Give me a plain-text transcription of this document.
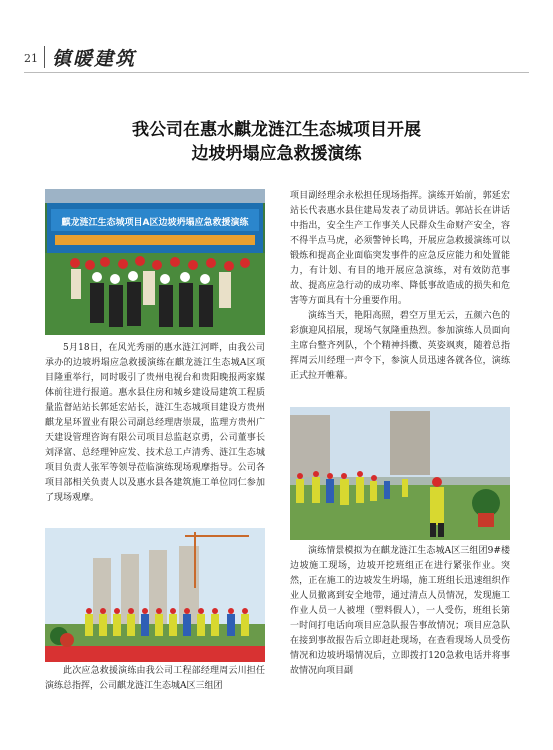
21 镇暖建筑
我公司在惠水麒龙涟江生态城项目开展
边坡坍塌应急救援演练
麒龙涟江生态城项目A区边坡坍塌应急救援演练

5月18日，在风光秀丽的惠水涟江河畔，由我公司承办的边坡坍塌应急救援演练在麒龙涟江生态城A区项目隆重举行，同时吸引了贵州电视台和贵阳晚报两家媒体前往进行报道。惠水县住房和城乡建设局建筑工程质量监督站站长郭延宏站长，涟江生态城项目建设方贵州麒龙星环置业有限公司副总经理唐崇晟，监理方贵州广天建设管理咨询有限公司项目总监赵京勇，公司董事长刘泽富、总经理钟应发、技术总工卢清秀、涟江生态城项目负责人张军等领导莅临演练现场观摩指导。公司各项目部相关负责人以及惠水县各建筑施工单位同仁参加了现场观摩。

此次应急救援演练由我公司工程部经理周云川担任演练总指挥，公司麒龙涟江生态城A区三组团

项目副经理余永松担任现场指挥。演练开始前，郭延宏站长代表惠水县住建局发表了动员讲话。郭站长在讲话中指出，安全生产工作事关人民群众生命财产安全，容不得半点马虎，必须警钟长鸣，开展应急救援演练可以锻炼和提高企业面临突发事件的应急反应能力和处置能力，有计划、有目的地开展应急演练，对有效防范事故、提高应急行动的成功率、降低事故造成的损失和危害等方面具有十分重要作用。

演练当天，艳阳高照，碧空万里无云，五颜六色的彩旗迎风招展，现场气氛隆重热烈。参加演练人员面向主席台整齐列队，个个精神抖擞、英姿飒爽，随着总指挥周云川经理一声令下，参演人员迅速各就各位，演练正式拉开帷幕。

演练情景模拟为在麒龙涟江生态城A区三组团9#楼边坡施工现场，边坡开挖班组正在进行紧张作业。突然，正在施工的边坡发生坍塌，施工班组长迅速组织作业人员撤离到安全地带，通过清点人员情况，发现施工作业人员一人被埋（塑料假人），一人受伤，班组长第一时间打电话向项目应急队报告事故情况；项目应急队在接到事故报告后立即赶赴现场，在查看现场人员受伤情况和边坡坍塌情况后，立即拨打120急救电话并将事故情况向项目副
